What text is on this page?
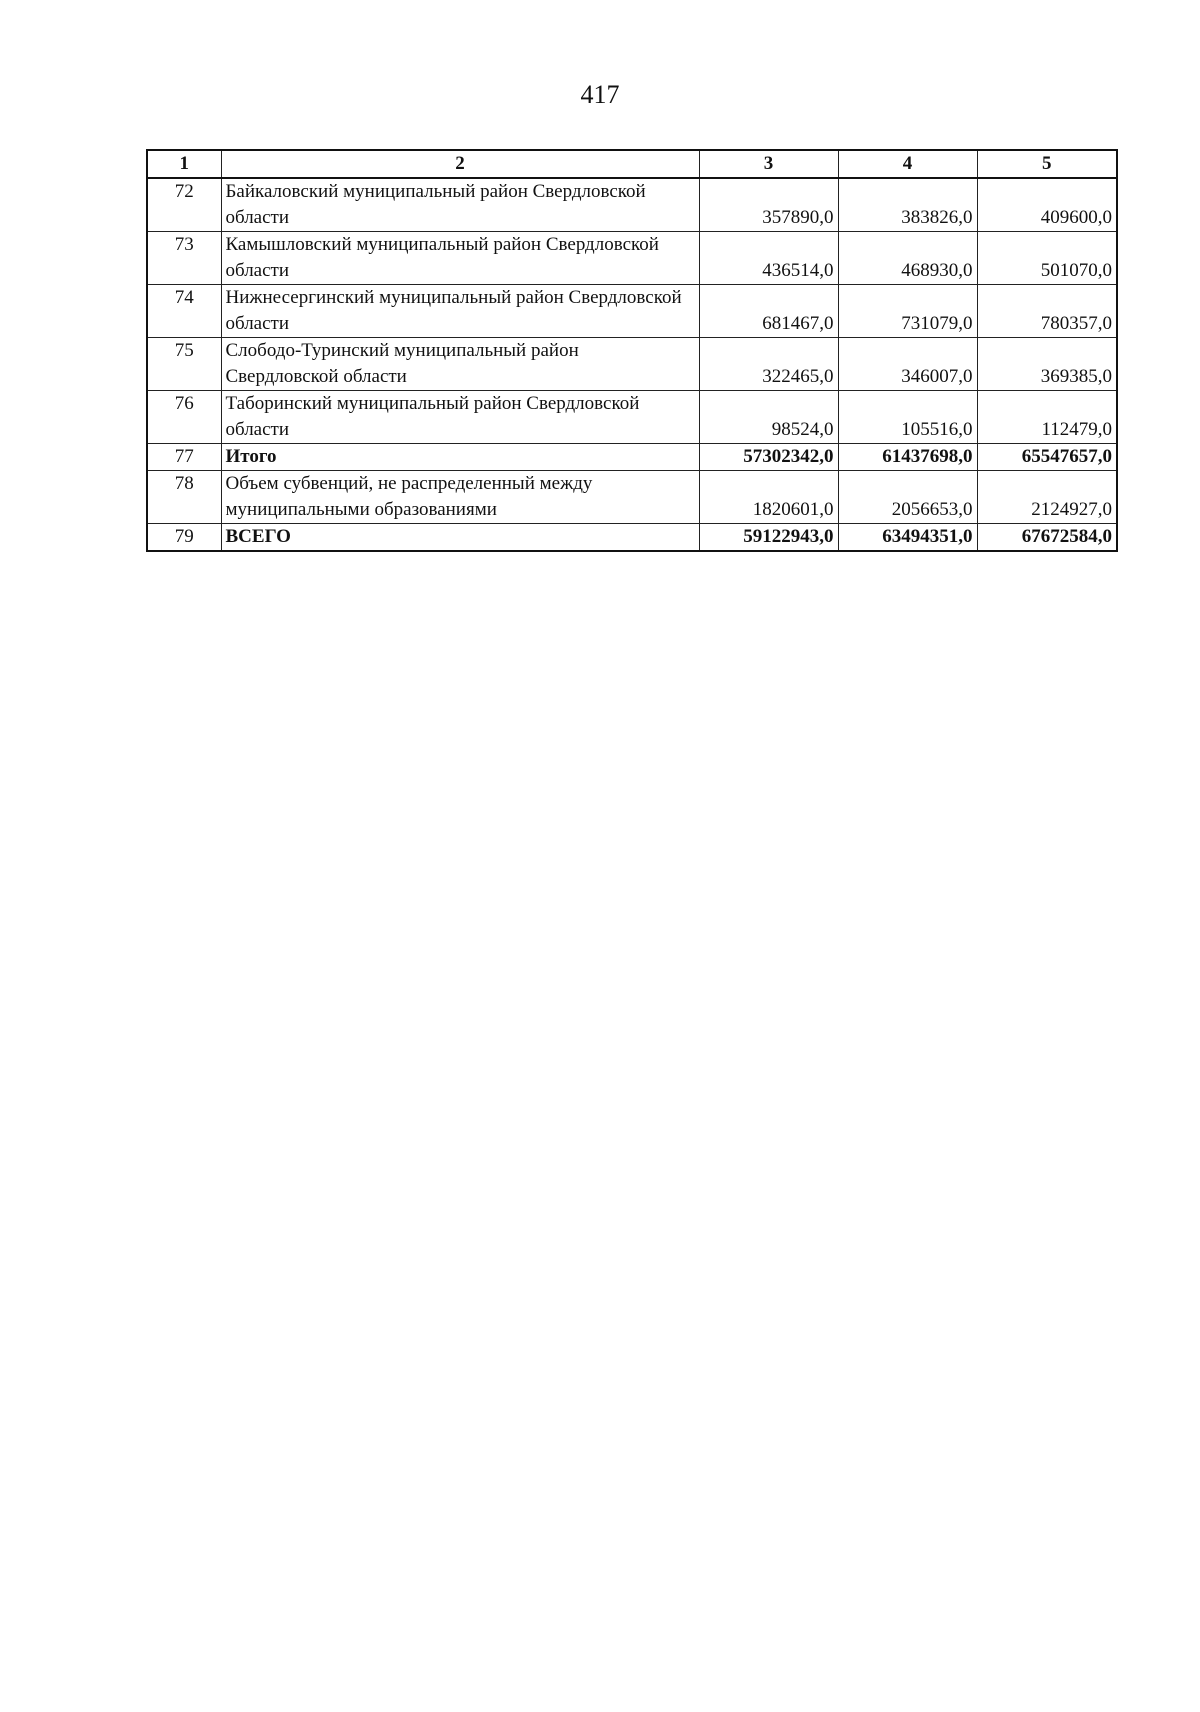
417
1	2	3	4	5
72	Байкаловский муниципальный район Свердловской области	357890,0	383826,0	409600,0
73	Камышловский муниципальный район Свердловской области	436514,0	468930,0	501070,0
74	Нижнесергинский муниципальный район Свердловской области	681467,0	731079,0	780357,0
75	Слободо-Туринский муниципальный район Свердловской области	322465,0	346007,0	369385,0
76	Таборинский муниципальный район Свердловской области	98524,0	105516,0	112479,0
77	Итого	57302342,0	61437698,0	65547657,0
78	Объем субвенций, не распределенный между муниципальными образованиями	1820601,0	2056653,0	2124927,0
79	ВСЕГО	59122943,0	63494351,0	67672584,0
